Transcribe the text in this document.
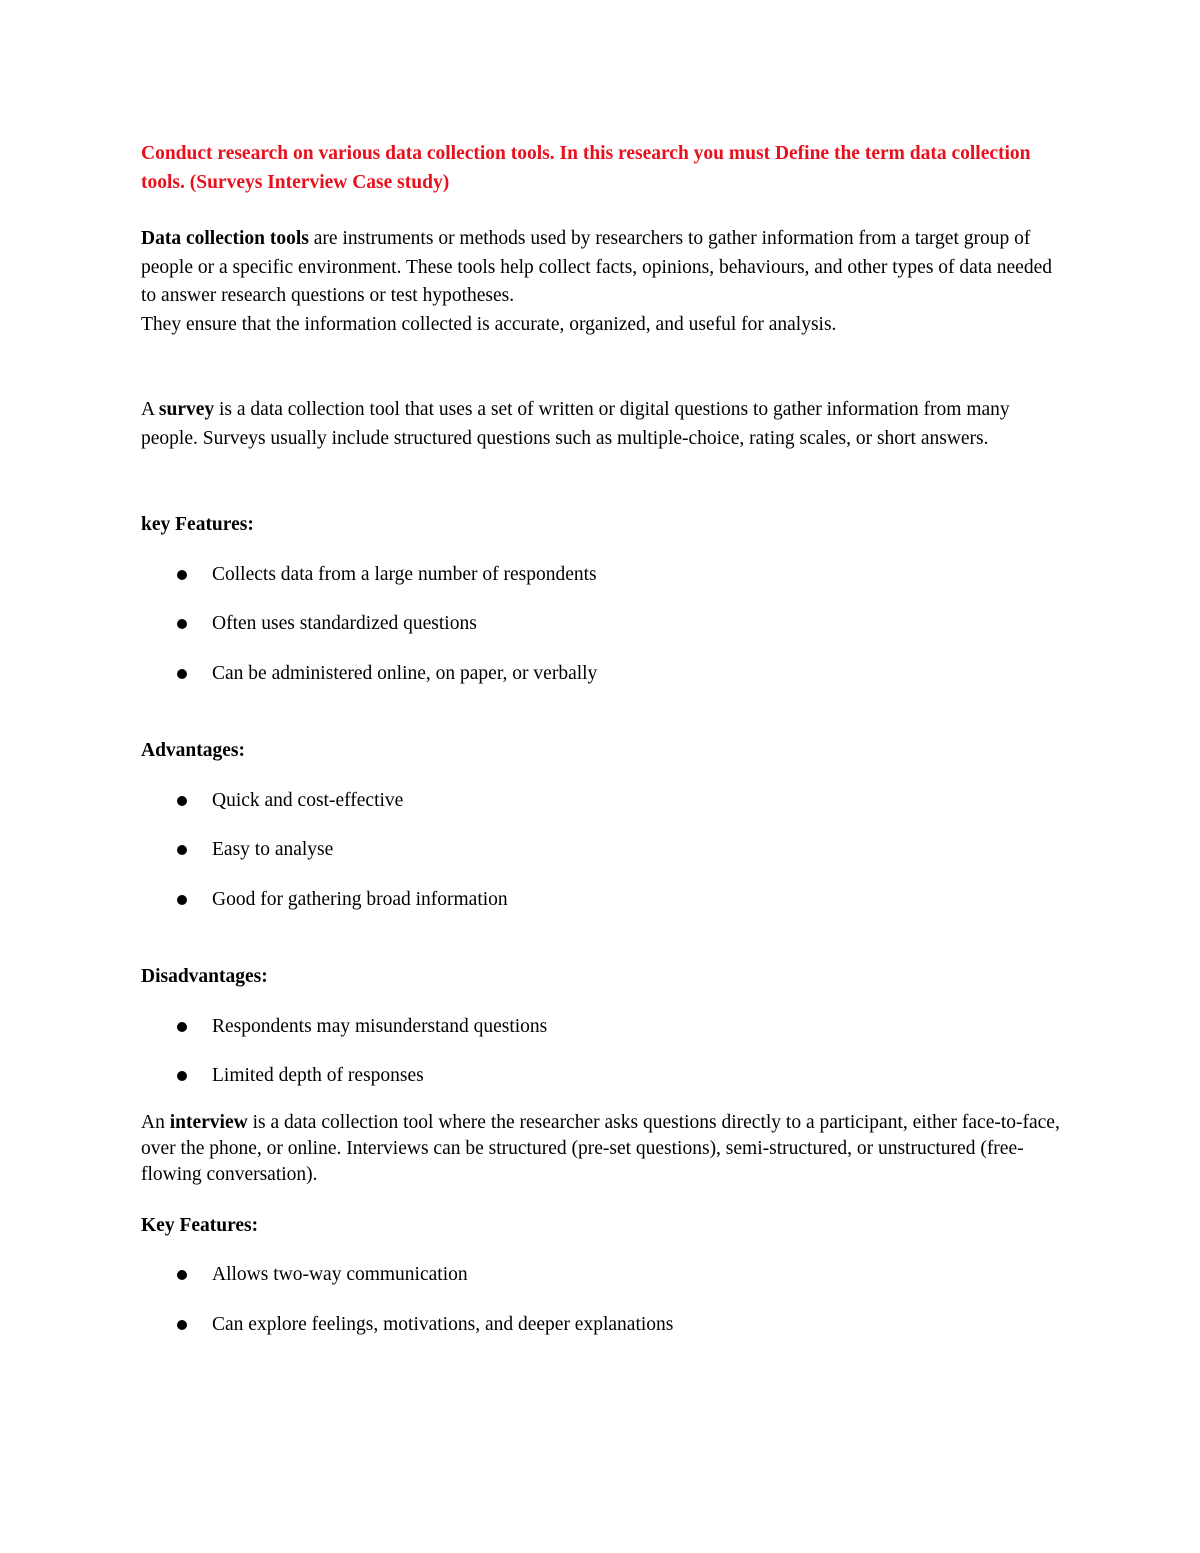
Conduct research on various data collection tools. In this research you must Define the term data collection tools. (Surveys Interview Case study)

Data collection tools are instruments or methods used by researchers to gather information from a target group of people or a specific environment. These tools help collect facts, opinions, behaviours, and other types of data needed to answer research questions or test hypotheses.

They ensure that the information collected is accurate, organized, and useful for analysis.

A survey is a data collection tool that uses a set of written or digital questions to gather information from many people. Surveys usually include structured questions such as multiple-choice, rating scales, or short answers.

key Features:

Collects data from a large number of respondents
Often uses standardized questions
Can be administered online, on paper, or verbally

Advantages:

Quick and cost-effective
Easy to analyse
Good for gathering broad information

Disadvantages:

Respondents may misunderstand questions
Limited depth of responses

An interview is a data collection tool where the researcher asks questions directly to a participant, either face-to-face, over the phone, or online. Interviews can be structured (pre-set questions), semi-structured, or unstructured (free-flowing conversation).

Key Features:

Allows two-way communication
Can explore feelings, motivations, and deeper explanations
